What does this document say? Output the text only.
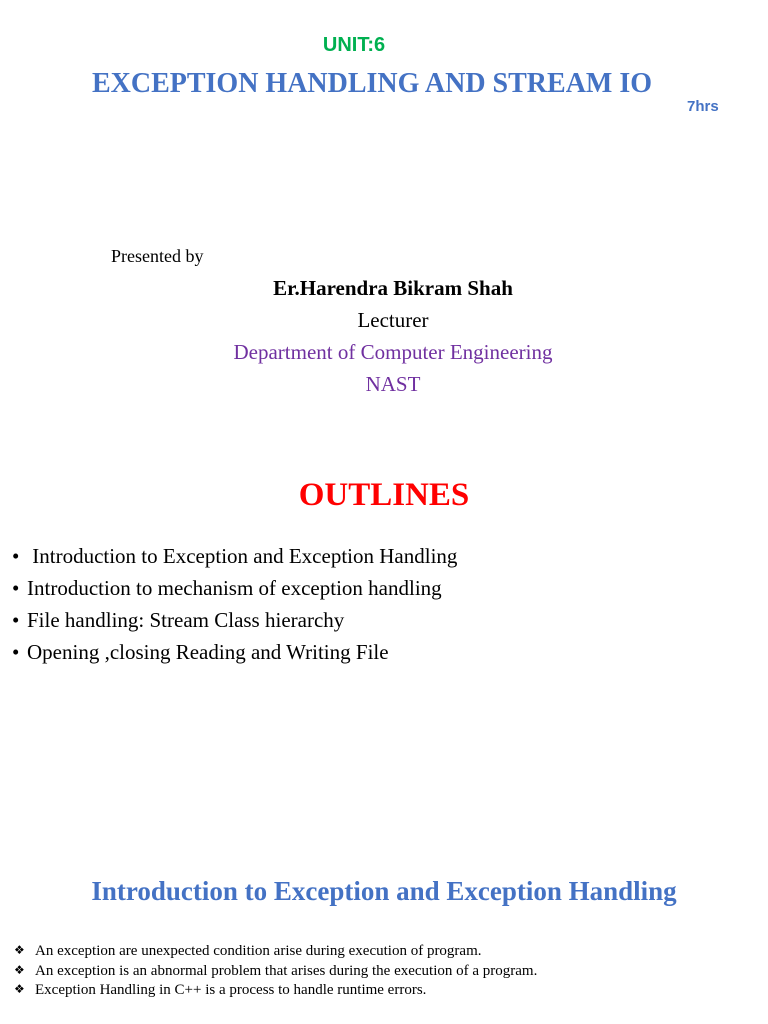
UNIT:6
EXCEPTION HANDLING AND STREAM IO
7hrs
Presented by
Er.Harendra Bikram Shah
Lecturer
Department of Computer Engineering
NAST
OUTLINES
• Introduction to Exception and Exception Handling
• Introduction to mechanism of exception handling
• File handling: Stream Class hierarchy
• Opening ,closing Reading and Writing File
Introduction to Exception and Exception Handling
❖ An exception are unexpected condition arise during execution of program.
❖ An exception is an abnormal problem that arises during the execution of a program.
❖ Exception Handling in C++ is a process to handle runtime errors.
